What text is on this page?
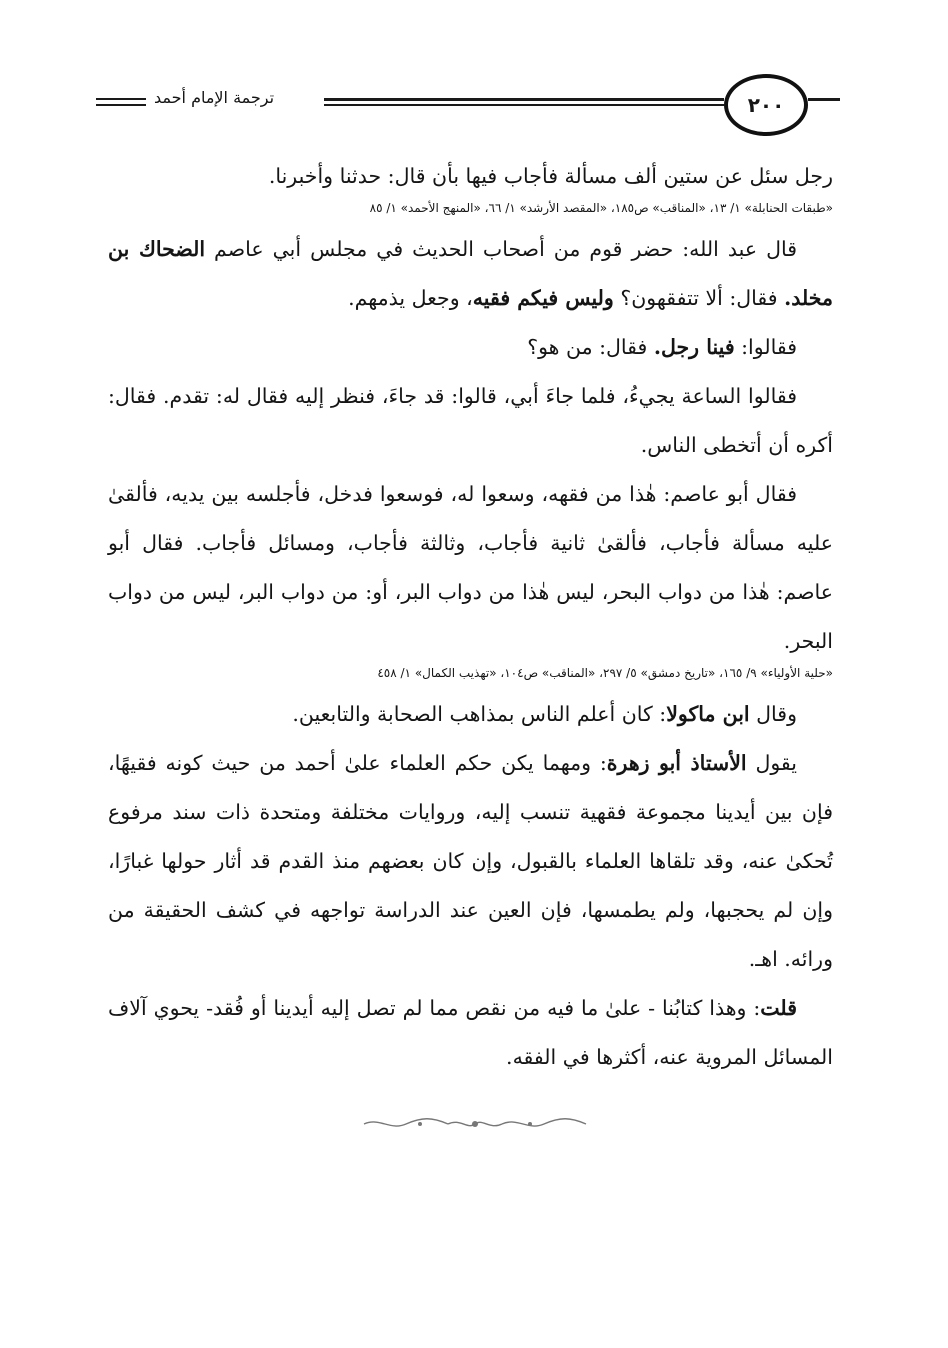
ترجمة الإمام أحمد	٢٠٠

رجل سئل عن ستين ألف مسألة فأجاب فيها بأن قال: حدثنا وأخبرنا.

«طبقات الحنابلة» ١/ ١٣، «المناقب» ص١٨٥، «المقصد الأرشد» ١/ ٦٦، «المنهج الأحمد» ١/ ٨٥

قال عبد الله: حضر قوم من أصحاب الحديث في مجلس أبي عاصم الضحاك بن مخلد. فقال: ألا تتفقهون؟ وليس فيكم فقيه، وجعل يذمهم.

فقالوا: فينا رجل. فقال: من هو؟

فقالوا الساعة يجيءُ، فلما جاءَ أبي، قالوا: قد جاءَ، فنظر إليه فقال له: تقدم. فقال: أكره أن أتخطى الناس.

فقال أبو عاصم: هٰذا من فقهه، وسعوا له، فوسعوا فدخل، فأجلسه بين يديه، فألقىٰ عليه مسألة فأجاب، فألقىٰ ثانية فأجاب، وثالثة فأجاب، ومسائل فأجاب. فقال أبو عاصم: هٰذا من دواب البحر، ليس هٰذا من دواب البر، أو: من دواب البر، ليس من دواب البحر.

«حلية الأولياء» ٩/ ١٦٥، «تاريخ دمشق» ٥/ ٢٩٧، «المناقب» ص١٠٤، «تهذيب الكمال» ١/ ٤٥٨

وقال ابن ماكولا: كان أعلم الناس بمذاهب الصحابة والتابعين.

يقول الأستاذ أبو زهرة: ومهما يكن حكم العلماء علىٰ أحمد من حيث كونه فقيهًا، فإن بين أيدينا مجموعة فقهية تنسب إليه، وروايات مختلفة ومتحدة ذات سند مرفوع تُحكىٰ عنه، وقد تلقاها العلماء بالقبول، وإن كان بعضهم منذ القدم قد أثار حولها غبارًا، وإن لم يحجبها، ولم يطمسها، فإن العين عند الدراسة تواجهه في كشف الحقيقة من ورائه. اهـ.

قلت: وهذا كتابُنا - علىٰ ما فيه من نقص مما لم تصل إليه أيدينا أو فُقد- يحوي آلاف المسائل المروية عنه، أكثرها في الفقه.
